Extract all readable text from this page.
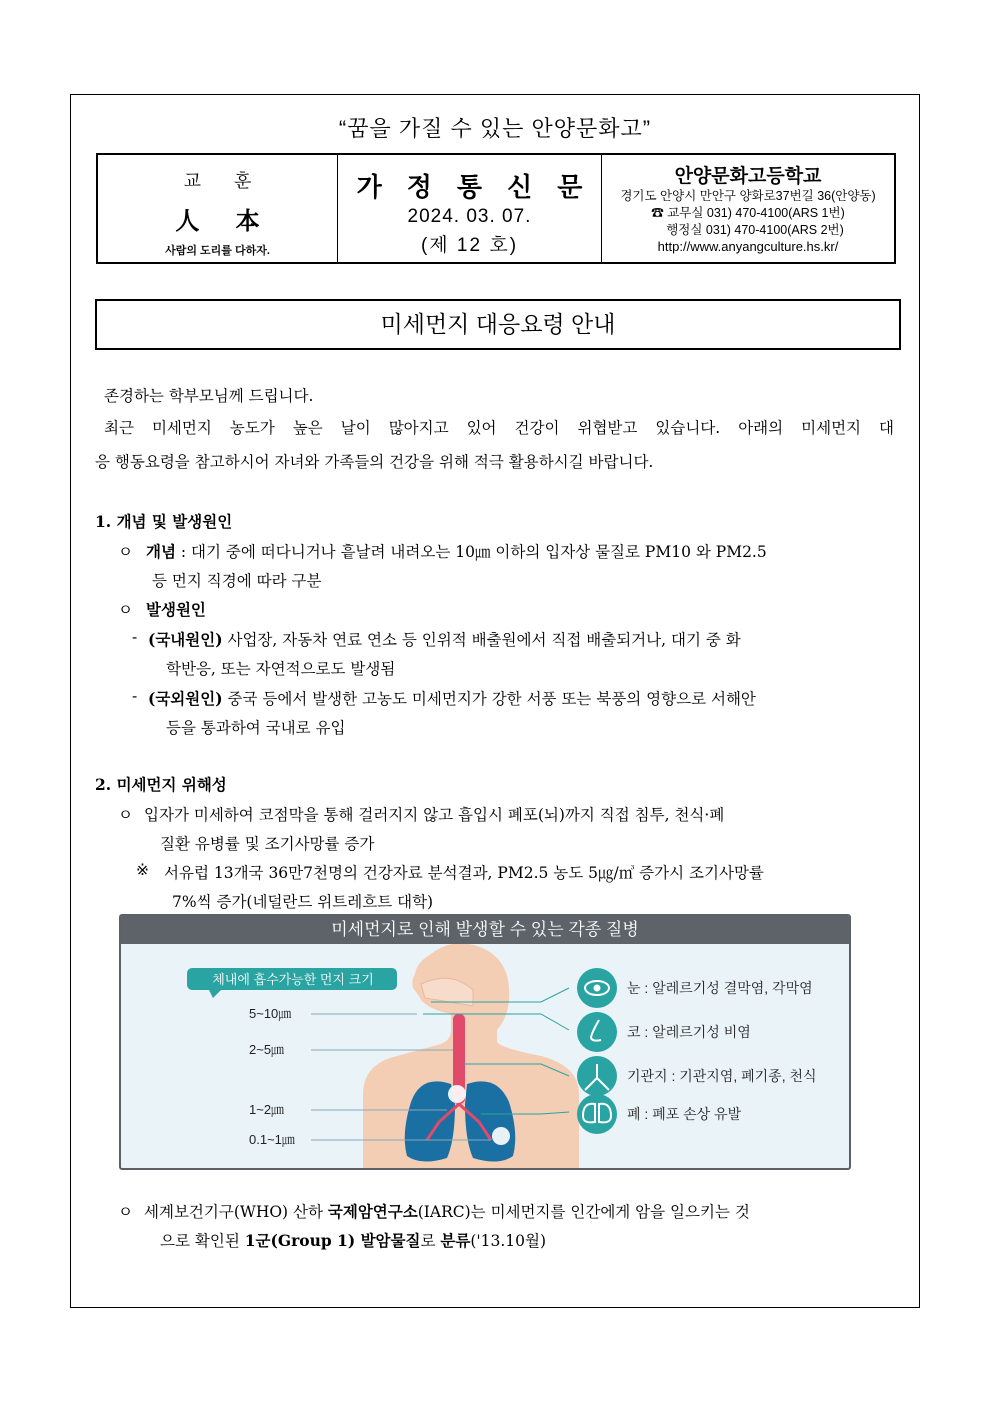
“꿈을 가질 수 있는 안양문화고”
교 훈
人 本
사람의 도리를 다하자.
가 정 통 신 문
2024. 03. 07.
(제 12 호)
안양문화고등학교
경기도 안양시 만안구 양화로37번길 36(안양동)
☎ 교무실 031) 470-4100(ARS 1번)
행정실 031) 470-4100(ARS 2번)
http://www.anyangculture.hs.kr/
미세먼지 대응요령 안내
존경하는 학부모님께 드립니다.
최근 미세먼지 농도가 높은 날이 많아지고 있어 건강이 위협받고 있습니다. 아래의 미세먼지 대
응 행동요령을 참고하시어 자녀와 가족들의 건강을 위해 적극 활용하시길 바랍니다.
1. 개념 및 발생원인
ㅇ 개념 : 대기 중에 떠다니거나 흩날려 내려오는 10㎛ 이하의 입자상 물질로 PM10 와 PM2.5
등 먼지 직경에 따라 구분
ㅇ 발생원인
- (국내원인) 사업장, 자동차 연료 연소 등 인위적 배출원에서 직접 배출되거나, 대기 중 화
학반응, 또는 자연적으로도 발생됨
- (국외원인) 중국 등에서 발생한 고농도 미세먼지가 강한 서풍 또는 북풍의 영향으로 서해안
등을 통과하여 국내로 유입
2. 미세먼지 위해성
ㅇ 입자가 미세하여 코점막을 통해 걸러지지 않고 흡입시 폐포(뇌)까지 직접 침투, 천식·폐
질환 유병률 및 조기사망률 증가
※ 서유럽 13개국 36만7천명의 건강자료 분석결과, PM2.5 농도 5㎍/㎥ 증가시 조기사망률
7%씩 증가(네덜란드 위트레흐트 대학)
미세먼지로 인해 발생할 수 있는 각종 질병
체내에 흡수가능한 먼지 크기
5~10㎛
2~5㎛
1~2㎛
0.1~1㎛
눈 : 알레르기성 결막염, 각막염
코 : 알레르기성 비염
기관지 : 기관지염, 폐기종, 천식
폐 : 폐포 손상 유발
ㅇ 세계보건기구(WHO) 산하 국제암연구소(IARC)는 미세먼지를 인간에게 암을 일으키는 것
으로 확인된 1군(Group 1) 발암물질로 분류('13.10월)
